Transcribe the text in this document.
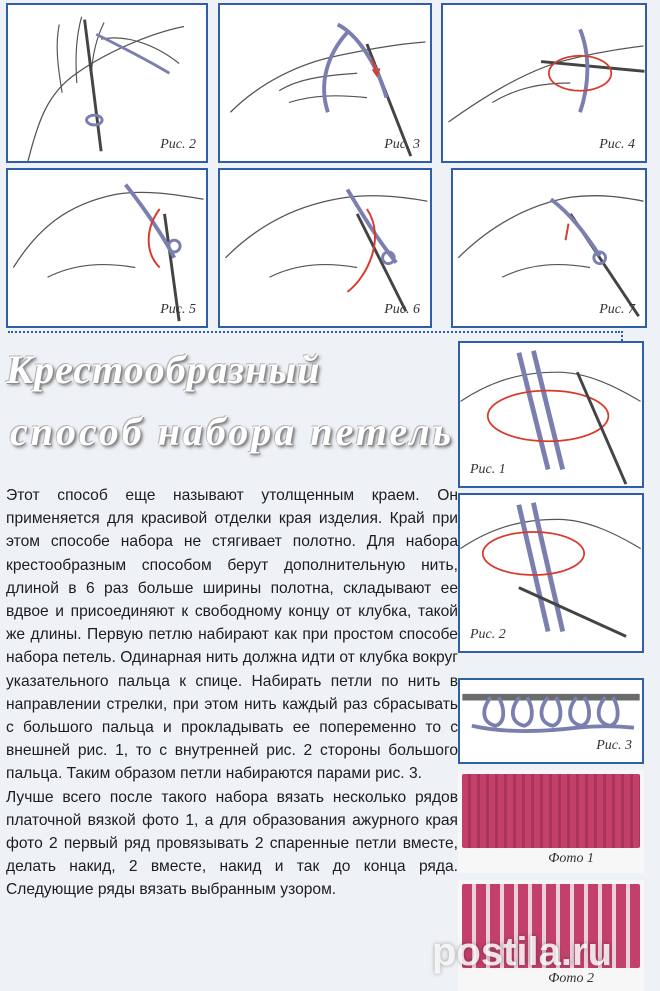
Рис. 2	Рис. 3	Рис. 4
Рис. 5	Рис. 6	Рис. 7
Крестообразный
способ набора петель
Рис. 1
Рис. 2
Рис. 3
Фото 1
Фото 2

Этот способ еще называют утолщенным краем. Он применяется для красивой отделки края изделия. Край при этом способе набора не стягивает полотно. Для набора крестообразным способом берут дополнительную нить, длиной в 6 раз больше ширины полотна, складывают ее вдвое и присоединяют к свободному концу от клубка, такой же длины. Первую петлю набирают как при простом способе набора петель. Одинарная нить должна идти от клубка вокруг указательного пальца к спице. Набирать петли по нить в направлении стрелки, при этом нить каждый раз сбрасывать с большого пальца и прокладывать ее попеременно то с внешней рис. 1, то с внутренней рис. 2 стороны большого пальца. Таким образом петли набираются парами рис. 3.

Лучше всего после такого набора вязать несколько рядов платочной вязкой фото 1, а для образования ажурного края фото 2 первый ряд провязывать 2 спаренные петли вместе, делать накид, 2 вместе, накид и так до конца ряда. Следующие ряды вязать выбранным узором.

postila.ru
